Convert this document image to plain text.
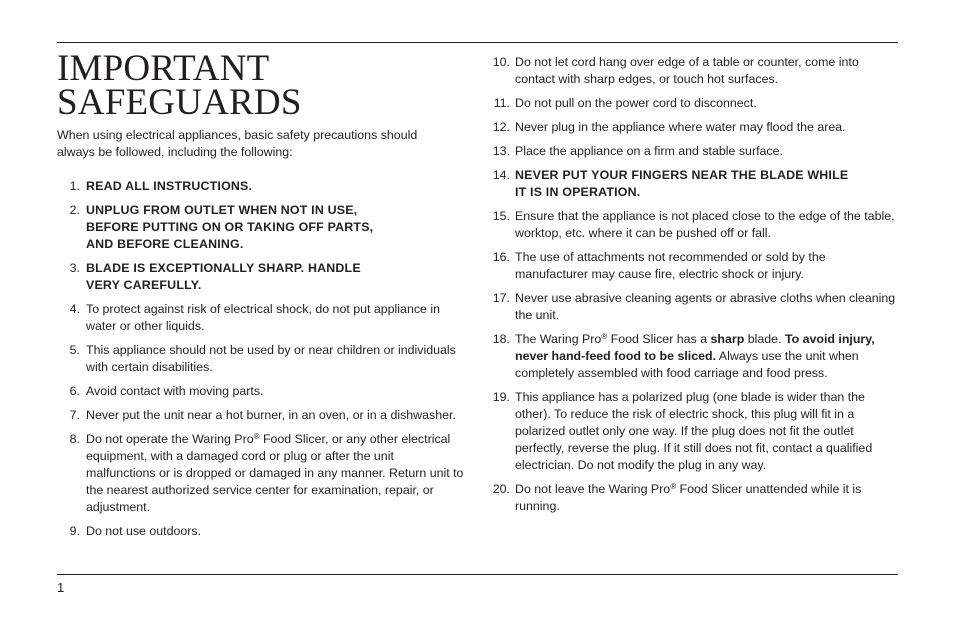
IMPORTANT
SAFEGUARDS

When using electrical appliances, basic safety precautions should always be followed, including the following:

1. READ ALL INSTRUCTIONS.
2. UNPLUG FROM OUTLET WHEN NOT IN USE,
BEFORE PUTTING ON OR TAKING OFF PARTS,
AND BEFORE CLEANING.
3. BLADE IS EXCEPTIONALLY SHARP. HANDLE
VERY CAREFULLY.
4. To protect against risk of electrical shock, do not put appliance in water or other liquids.
5. This appliance should not be used by or near children or individuals with certain disabilities.
6. Avoid contact with moving parts.
7. Never put the unit near a hot burner, in an oven, or in a dishwasher.
8. Do not operate the Waring Pro® Food Slicer, or any other electrical equipment, with a damaged cord or plug or after the unit malfunctions or is dropped or damaged in any manner. Return unit to the nearest authorized service center for examination, repair, or adjustment.
9. Do not use outdoors.
10. Do not let cord hang over edge of a table or counter, come into contact with sharp edges, or touch hot surfaces.
11. Do not pull on the power cord to disconnect.
12. Never plug in the appliance where water may flood the area.
13. Place the appliance on a firm and stable surface.
14. NEVER PUT YOUR FINGERS NEAR THE BLADE WHILE
IT IS IN OPERATION.
15. Ensure that the appliance is not placed close to the edge of the table, worktop, etc. where it can be pushed off or fall.
16. The use of attachments not recommended or sold by the manufacturer may cause fire, electric shock or injury.
17. Never use abrasive cleaning agents or abrasive cloths when cleaning the unit.
18. The Waring Pro® Food Slicer has a sharp blade. To avoid injury, never hand-feed food to be sliced. Always use the unit when completely assembled with food carriage and food press.
19. This appliance has a polarized plug (one blade is wider than the other). To reduce the risk of electric shock, this plug will fit in a polarized outlet only one way. If the plug does not fit the outlet perfectly, reverse the plug. If it still does not fit, contact a qualified electrician. Do not modify the plug in any way.
20. Do not leave the Waring Pro® Food Slicer unattended while it is running.
1
